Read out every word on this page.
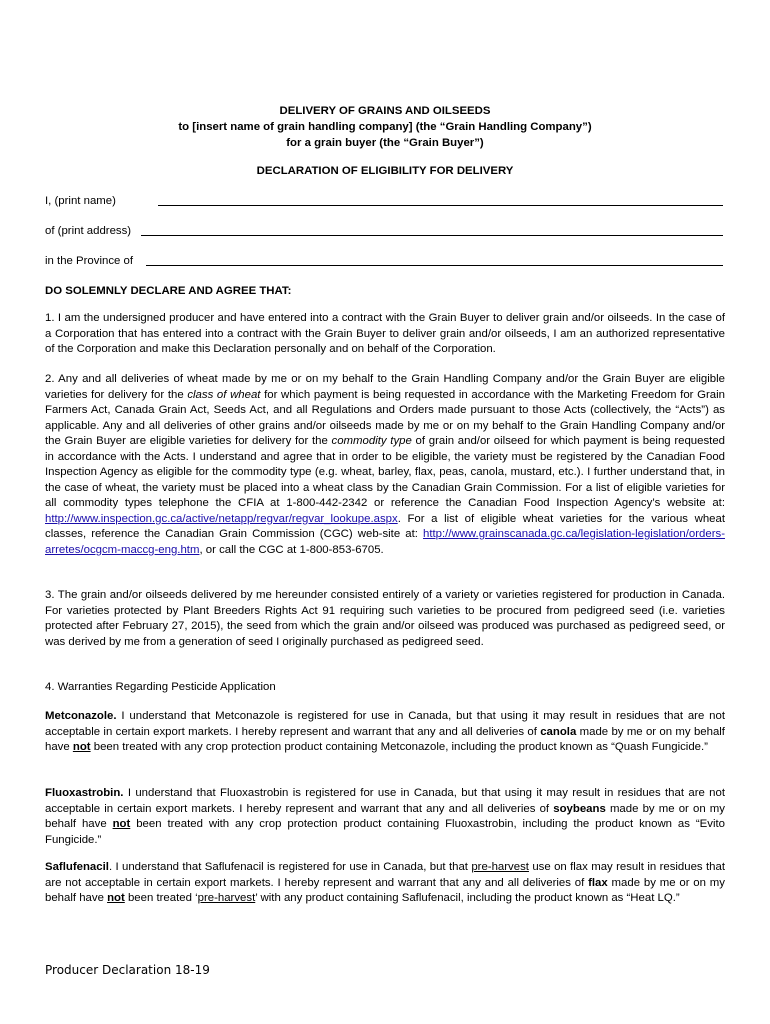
DELIVERY OF GRAINS AND OILSEEDS
to [insert name of grain handling company] (the “Grain Handling Company”)
for a grain buyer (the “Grain Buyer”)
DECLARATION OF ELIGIBILITY FOR DELIVERY
I, (print name)
of (print address)
in the Province of
DO SOLEMNLY DECLARE AND AGREE THAT:

1. I am the undersigned producer and have entered into a contract with the Grain Buyer to deliver grain and/or oilseeds. In the case of a Corporation that has entered into a contract with the Grain Buyer to deliver grain and/or oilseeds, I am an authorized representative of the Corporation and make this Declaration personally and on behalf of the Corporation.

2. Any and all deliveries of wheat made by me or on my behalf to the Grain Handling Company and/or the Grain Buyer are eligible varieties for delivery for the class of wheat for which payment is being requested in accordance with the Marketing Freedom for Grain Farmers Act, Canada Grain Act, Seeds Act, and all Regulations and Orders made pursuant to those Acts (collectively, the “Acts”) as applicable. Any and all deliveries of other grains and/or oilseeds made by me or on my behalf to the Grain Handling Company and/or the Grain Buyer are eligible varieties for delivery for the commodity type of grain and/or oilseed for which payment is being requested in accordance with the Acts. I understand and agree that in order to be eligible, the variety must be registered by the Canadian Food Inspection Agency as eligible for the commodity type (e.g. wheat, barley, flax, peas, canola, mustard, etc.). I further understand that, in the case of wheat, the variety must be placed into a wheat class by the Canadian Grain Commission. For a list of eligible varieties for all commodity types telephone the CFIA at 1-800-442-2342 or reference the Canadian Food Inspection Agency’s website at: http://www.inspection.gc.ca/active/netapp/regvar/regvar_lookupe.aspx. For a list of eligible wheat varieties for the various wheat classes, reference the Canadian Grain Commission (CGC) web-site at: http://www.grainscanada.gc.ca/legislation-legislation/orders-arretes/ocgcm-maccg-eng.htm, or call the CGC at 1-800-853-6705.

3. The grain and/or oilseeds delivered by me hereunder consisted entirely of a variety or varieties registered for production in Canada. For varieties protected by Plant Breeders Rights Act 91 requiring such varieties to be procured from pedigreed seed (i.e. varieties protected after February 27, 2015), the seed from which the grain and/or oilseed was produced was purchased as pedigreed seed, or was derived by me from a generation of seed I originally purchased as pedigreed seed.

4. Warranties Regarding Pesticide Application

Metconazole. I understand that Metconazole is registered for use in Canada, but that using it may result in residues that are not acceptable in certain export markets. I hereby represent and warrant that any and all deliveries of canola made by me or on my behalf have not been treated with any crop protection product containing Metconazole, including the product known as “Quash Fungicide.”

Fluoxastrobin. I understand that Fluoxastrobin is registered for use in Canada, but that using it may result in residues that are not acceptable in certain export markets. I hereby represent and warrant that any and all deliveries of soybeans made by me or on my behalf have not been treated with any crop protection product containing Fluoxastrobin, including the product known as “Evito Fungicide.”

Saflufenacil. I understand that Saflufenacil is registered for use in Canada, but that pre-harvest use on flax may result in residues that are not acceptable in certain export markets. I hereby represent and warrant that any and all deliveries of flax made by me or on my behalf have not been treated ‘pre-harvest’ with any product containing Saflufenacil, including the product known as “Heat LQ.”

Producer Declaration 18-19
